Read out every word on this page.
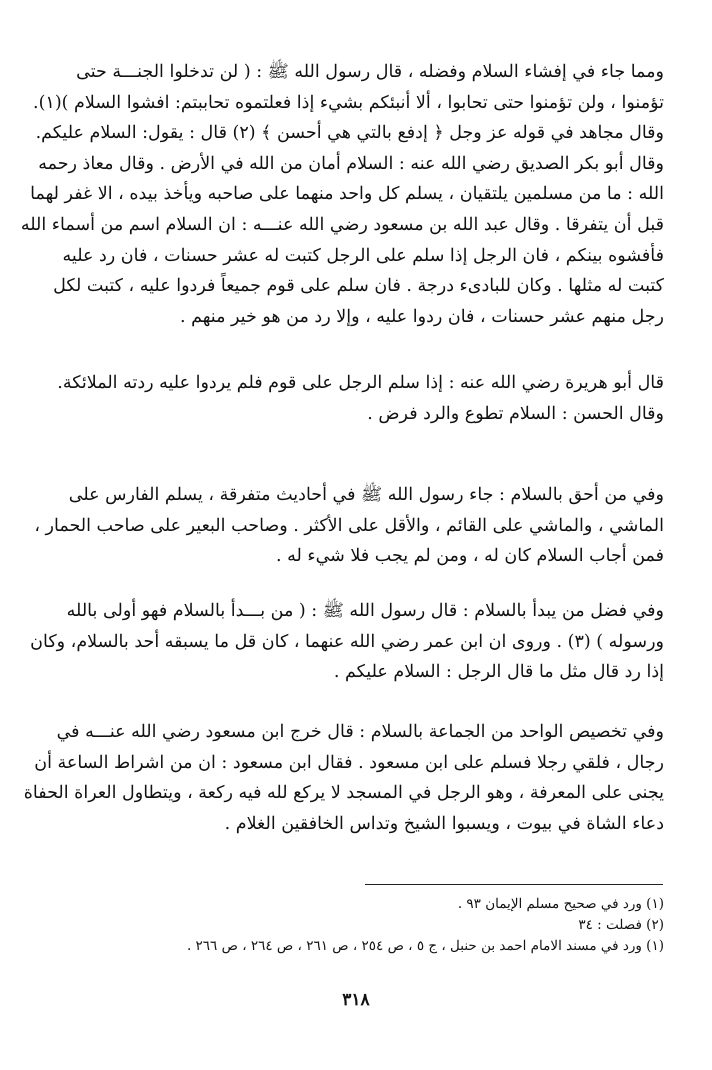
ومما جاء في إفشاء السلام وفضله ، قال رسول الله ﷺ : ( لن تدخلوا الجنـــة حتى
تؤمنوا ، ولن تؤمنوا حتى تحابوا ، ألا أنبئكم بشيء إذا فعلتموه تحاببتم: افشوا السلام )(١).
وقال مجاهد في قوله عز وجل ﴿ إدفع بالتي هي أحسن ﴾ (٢) قال : يقول: السلام عليكم.
وقال أبو بكر الصديق رضي الله عنه : السلام أمان من الله في الأرض . وقال معاذ رحمه
الله : ما من مسلمين يلتقيان ، يسلم كل واحد منهما على صاحبه ويأخذ بيده ، الا غفر لهما
قبل أن يتفرقا . وقال عبد الله بن مسعود رضي الله عنـــه : ان السلام اسم من أسماء الله
فأفشوه بينكم ، فان الرجل إذا سلم على الرجل كتبت له عشر حسنات ، فان رد عليه
كتبت له مثلها . وكان للبادىء درجة . فان سلم على قوم جميعاً فردوا عليه ، كتبت لكل
رجل منهم عشر حسنات ، فان ردوا عليه ، وإلا رد من هو خير منهم .
قال أبو هريرة رضي الله عنه : إذا سلم الرجل على قوم فلم يردوا عليه ردته الملائكة.
وقال الحسن : السلام تطوع والرد فرض .
وفي من أحق بالسلام : جاء رسول الله ﷺ في أحاديث متفرقة ، يسلم الفارس على
الماشي ، والماشي على القائم ، والأقل على الأكثر . وصاحب البعير على صاحب الحمار ،
فمن أجاب السلام كان له ، ومن لم يجب فلا شيء له .
وفي فضل من يبدأ بالسلام : قال رسول الله ﷺ : ( من بـــدأ بالسلام فهو أولى بالله
ورسوله ) (٣) . وروى ان ابن عمر رضي الله عنهما ، كان قل ما يسبقه أحد بالسلام، وكان
إذا رد قال مثل ما قال الرجل : السلام عليكم .
وفي تخصيص الواحد من الجماعة بالسلام : قال خرج ابن مسعود رضي الله عنـــه في
رجال ، فلقي رجلا فسلم على ابن مسعود . فقال ابن مسعود : ان من اشراط الساعة أن
يجنى على المعرفة ، وهو الرجل في المسجد لا يركع لله فيه ركعة ، ويتطاول العراة الحفاة
دعاء الشاة في بيوت ، ويسبوا الشيخ وتداس الخافقين الغلام .
(١) ورد في صحيح مسلم الإيمان ٩٣ .
(٢) فصلت : ٣٤
(١) ورد في مسند الامام احمد بن حنبل ، ج ٥ ، ص ٢٥٤ ، ص ٢٦١ ، ص ٢٦٤ ، ص ٢٦٦ .
٣١٨
